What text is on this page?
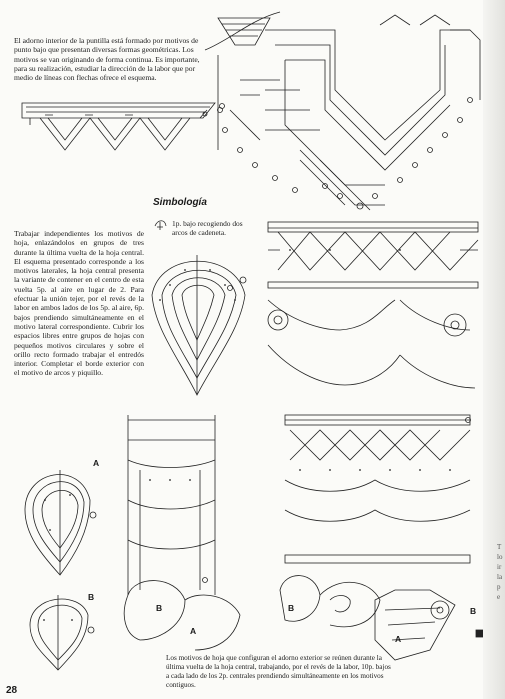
El adorno interior de la puntilla está formado por motivos de punto bajo que presentan diversas formas geométricas. Los motivos se van originando de forma continua. Es importante, para su realización, estudiar la dirección de la labor que por medio de líneas con flechas ofrece el esquema.
Simbología
1p. bajo recogiendo dos arcos de cadeneta.
Trabajar independientes los motivos de hoja, enlazándolos en grupos de tres durante la última vuelta de la hoja central. El esquema presentado corresponde a los motivos laterales, la hoja central presenta la variante de contener en el centro de esta vuelta 5p. al aire en lugar de 2. Para efectuar la unión tejer, por el revés de la labor en ambos lados de los 5p. al aire, 6p. bajos prendiendo simultáneamente en el motivo lateral correspondiente. Cubrir los espacios libres entre grupos de hojas con pequeños motivos circulares y sobre el orillo recto formado trabajar el entredós interior. Completar el borde exterior con el motivo de arcos y piquillo.
A
B
B
A
B	B
A
Los motivos de hoja que configuran el adorno exterior se reúnen durante la última vuelta de la hoja central, trabajando, por el revés de la labor, 10p. bajos a cada lado de los 2p. centrales prendiendo simultáneamente en los motivos contiguos.
28
T
lo
ir
la
p
e
